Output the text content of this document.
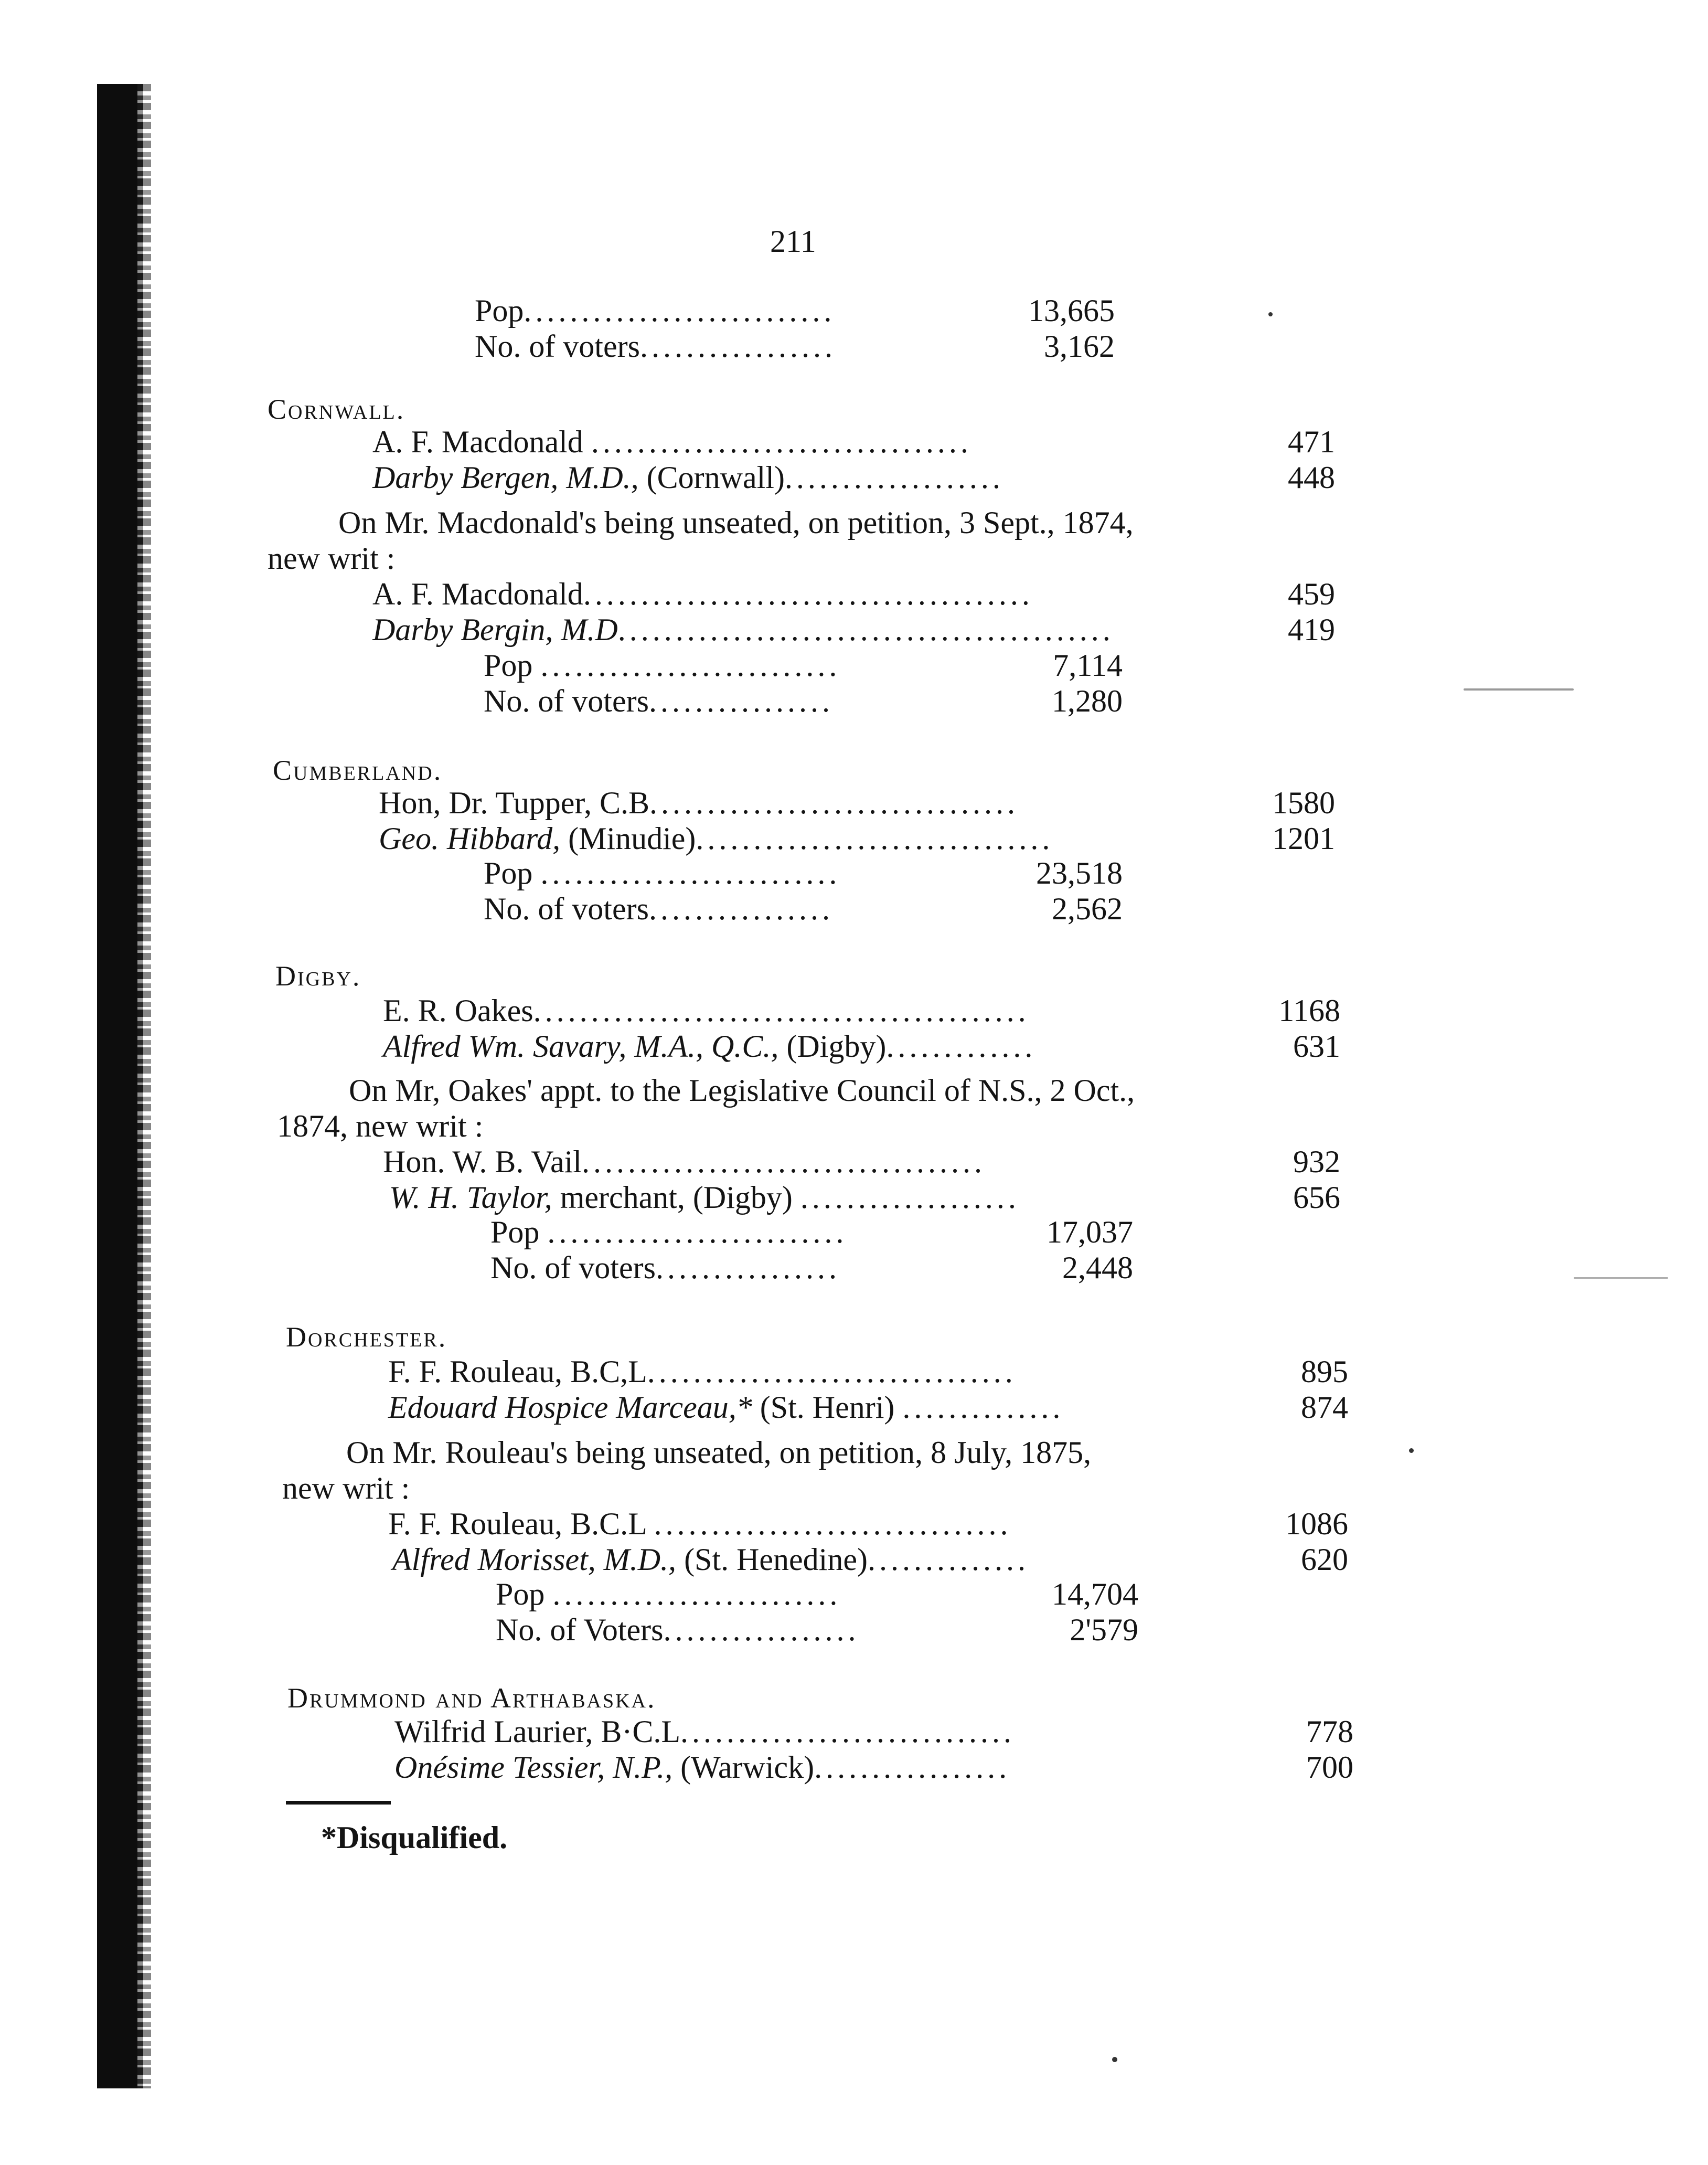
211
Pop...........................	13,665
No. of voters.................	3,162
Cornwall.
A. F. Macdonald .................................	471
Darby Bergen, M.D., (Cornwall)...................	448
On Mr. Macdonald's being unseated, on petition, 3 Sept., 1874,
new writ :
A. F. Macdonald.......................................	459
Darby Bergin, M.D...........................................	419
Pop ..........................	7,114
No. of voters................	1,280
Cumberland.
Hon, Dr. Tupper, C.B................................	1580
Geo. Hibbard, (Minudie)...............................	1201
Pop ..........................	23,518
No. of voters................	2,562
Digby.
E. R. Oakes...........................................	1168
Alfred Wm. Savary, M.A., Q.C., (Digby).............	631
On Mr, Oakes' appt. to the Legislative Council of N.S., 2 Oct.,
1874, new writ :
Hon. W. B. Vail...................................	932
W. H. Taylor, merchant, (Digby) ...................	656
Pop ..........................	17,037
No. of voters................	2,448
Dorchester.
F. F. Rouleau, B.C,L................................	895
Edouard Hospice Marceau,* (St. Henri) ..............	874
On Mr. Rouleau's being unseated, on petition, 8 July, 1875,
new writ :
F. F. Rouleau, B.C.L ...............................	1086
Alfred Morisset, M.D., (St. Henedine)..............	620
Pop .........................	14,704
No. of Voters.................	2'579
Drummond and Arthabaska.
Wilfrid Laurier, B·C.L.............................	778
Onésime Tessier, N.P., (Warwick).................	700
*Disqualified.
